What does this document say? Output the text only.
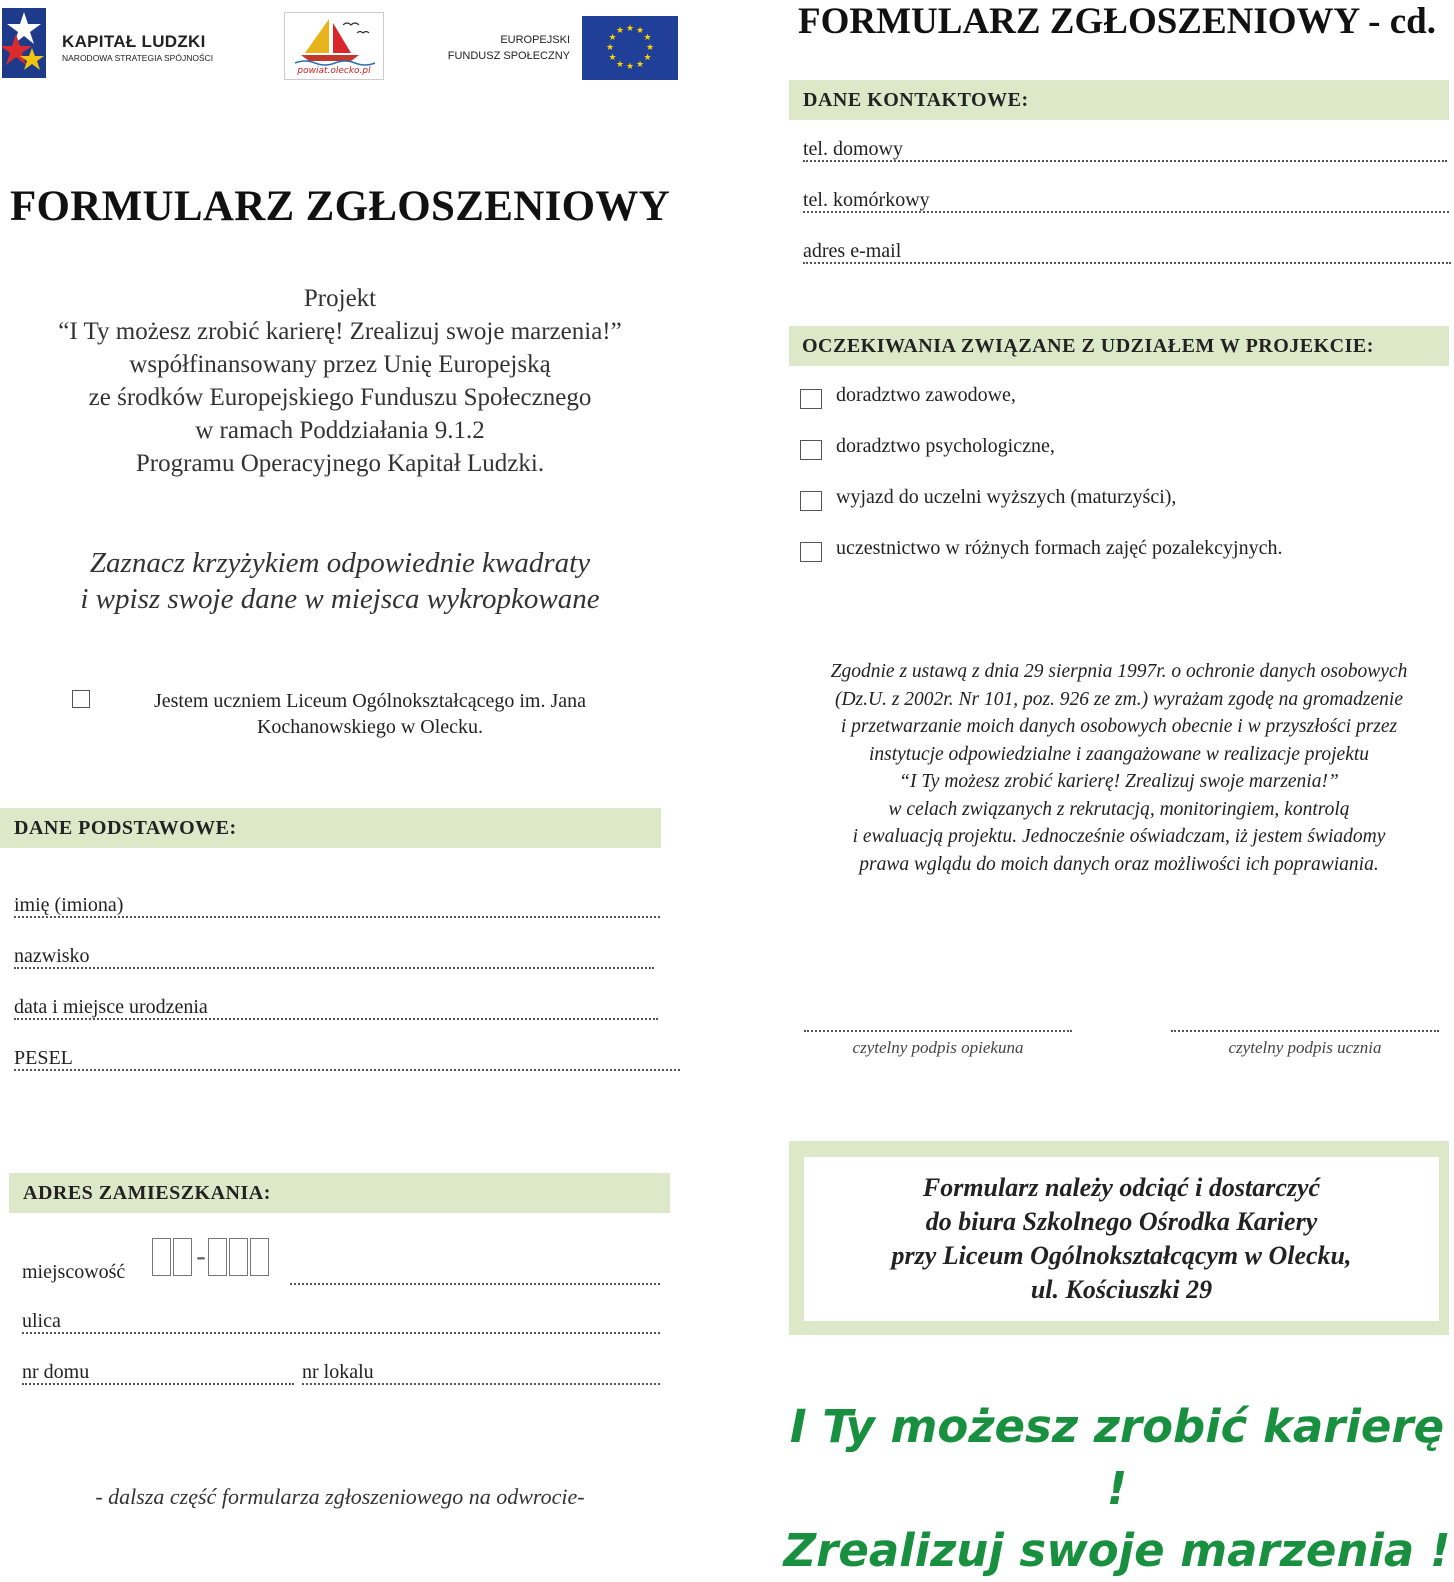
KAPITAŁ LUDZKI
NARODOWA STRATEGIA SPÓJNOŚCI
powiat.olecko.pl
EUROPEJSKI
FUNDUSZ SPOŁECZNY
★ ★
★
★
★
★
★
★
★
★
★
★
FORMULARZ ZGŁOSZENIOWY
Projekt
“I Ty możesz zrobić karierę! Zrealizuj swoje marzenia!”
współfinansowany przez Unię Europejską
ze środków Europejskiego Funduszu Społecznego
w ramach Poddziałania 9.1.2
Programu Operacyjnego Kapitał Ludzki.
Zaznacz krzyżykiem odpowiednie kwadraty
i wpisz swoje dane w miejsca wykropkowane
Jestem uczniem Liceum Ogólnokształcącego im. Jana Kochanowskiego w Olecku.
DANE PODSTAWOWE:
imię (imiona)
nazwisko
data i miejsce urodzenia
PESEL
ADRES ZAMIESZKANIA:
miejscowość	-
ulica
nr domu	nr lokalu
- dalsza część formularza zgłoszeniowego na odwrocie-
FORMULARZ ZGŁOSZENIOWY - cd.
DANE KONTAKTOWE:
tel. domowy
tel. komórkowy
adres e-mail
OCZEKIWANIA ZWIĄZANE Z UDZIAŁEM W PROJEKCIE:
doradztwo zawodowe,
doradztwo psychologiczne,
wyjazd do uczelni wyższych (maturzyści),
uczestnictwo w różnych formach zajęć pozalekcyjnych.
Zgodnie z ustawą z dnia 29 sierpnia 1997r. o ochronie danych osobowych
(Dz.U. z 2002r. Nr 101, poz. 926 ze zm.) wyrażam zgodę na gromadzenie
i przetwarzanie moich danych osobowych obecnie i w przyszłości przez
instytucje odpowiedzialne i zaangażowane w realizacje projektu
“I Ty możesz zrobić karierę! Zrealizuj swoje marzenia!”
w celach związanych z rekrutacją, monitoringiem, kontrolą
i ewaluacją projektu. Jednocześnie oświadczam, iż jestem świadomy
prawa wglądu do moich danych oraz możliwości ich poprawiania.
czytelny podpis opiekuna	czytelny podpis ucznia
Formularz należy odciąć i dostarczyć
do biura Szkolnego Ośrodka Kariery
przy Liceum Ogólnokształcącym w Olecku,
ul. Kościuszki 29
I Ty możesz zrobić karierę !
Zrealizuj swoje marzenia !
